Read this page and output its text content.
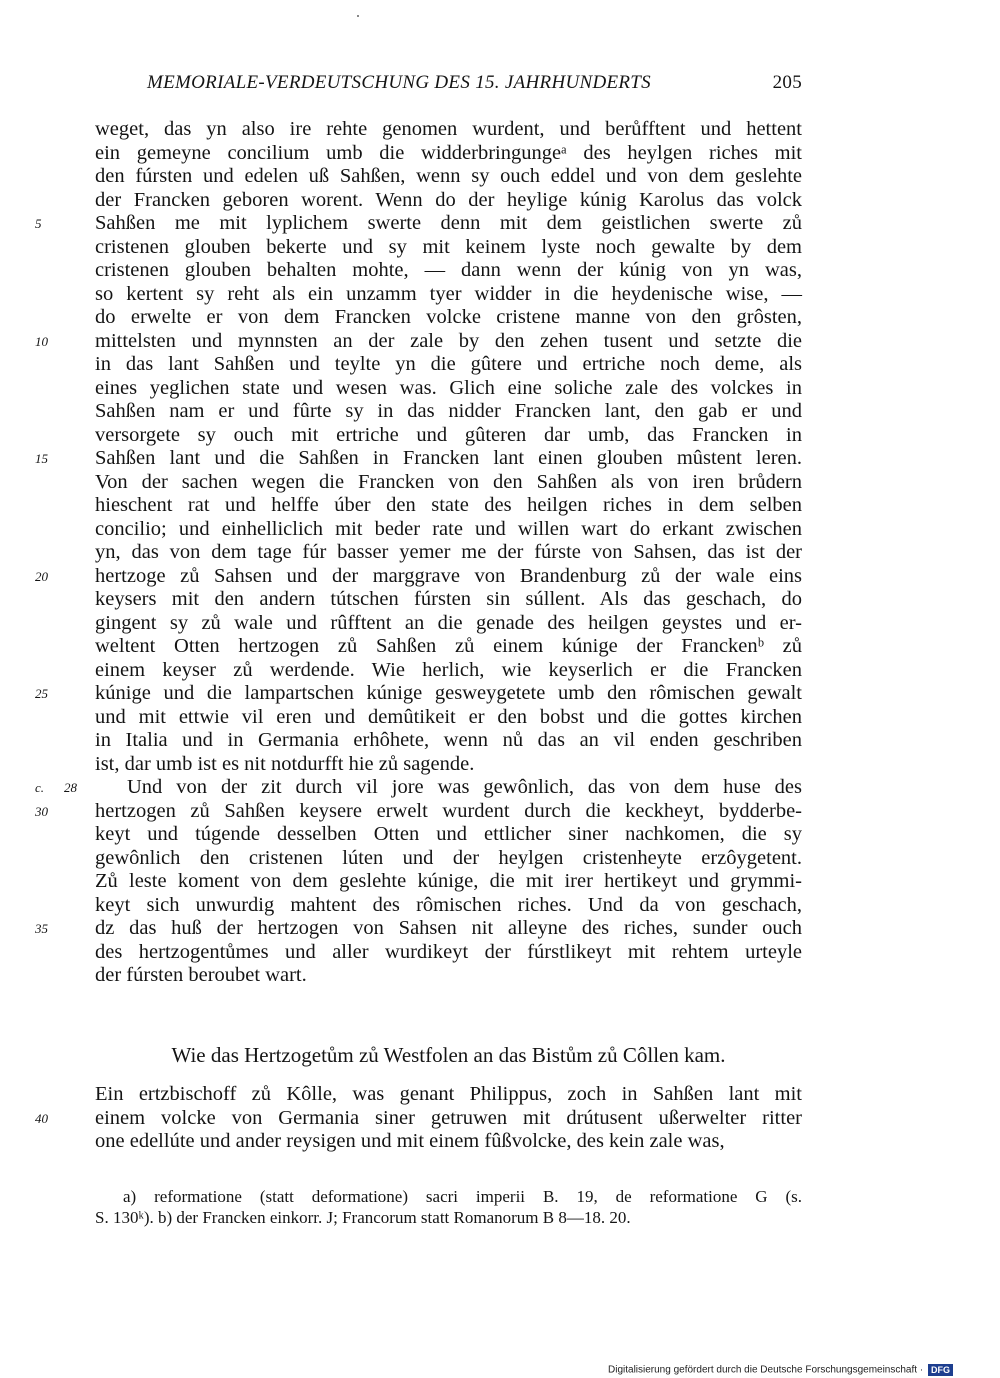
MEMORIALE-VERDEUTSCHUNG DES 15. JAHRHUNDERTS	205
weget, das yn also ire rehte genomen wurdent, und berůfftent und hettent
ein gemeyne concilium umb die widderbringungeᵃ des heylgen riches mit
den fúrsten und edelen uß Sahßen, wenn sy ouch eddel und von dem geslehte
der Francken geboren worent. Wenn do der heylige kúnig Karolus das volck
5	Sahßen me mit lyplichem swerte denn mit dem geistlichen swerte zů
cristenen glouben bekerte und sy mit keinem lyste noch gewalte by dem
cristenen glouben behalten mohte, — dann wenn der kúnig von yn was,
so kertent sy reht als ein unzamm tyer widder in die heydenische wise, —
do erwelte er von dem Francken volcke cristene manne von den grôsten,
10	mittelsten und mynnsten an der zale by den zehen tusent und setzte die
in das lant Sahßen und teylte yn die gûtere und ertriche noch deme, als
eines yeglichen state und wesen was. Glich eine soliche zale des volckes in
Sahßen nam er und fûrte sy in das nidder Francken lant, den gab er und
versorgete sy ouch mit ertriche und gûteren dar umb, das Francken in
15	Sahßen lant und die Sahßen in Francken lant einen glouben mûstent leren.
Von der sachen wegen die Francken von den Sahßen als von iren brůdern
hieschent rat und helffe úber den state des heilgen riches in dem selben
concilio; und einhelliclich mit beder rate und willen wart do erkant zwischen
yn, das von dem tage fúr basser yemer me der fúrste von Sahsen, das ist der
20	hertzoge zů Sahsen und der marggrave von Brandenburg zů der wale eins
keysers mit den andern tútschen fúrsten sin súllent. Als das geschach, do
gingent sy zů wale und rûfftent an die genade des heilgen geystes und er-
weltent Otten hertzogen zů Sahßen zů einem kúnige der Franckenᵇ zů
einem keyser zů werdende. Wie herlich, wie keyserlich er die Francken
25	kúnige und die lampartschen kúnige gesweygetete umb den rômischen gewalt
und mit ettwie vil eren und demûtikeit er den bobst und die gottes kirchen
in Italia und in Germania erhôhete, wenn nů das an vil enden geschriben
ist, dar umb ist es nit notdurfft hie zů sagende.
c. 28 Und von der zit durch vil jore was gewônlich, das von dem huse des
30	hertzogen zů Sahßen keysere erwelt wurdent durch die keckheyt, bydderbe-
keyt und túgende desselben Otten und ettlicher siner nachkomen, die sy
gewônlich den cristenen lúten und der heylgen cristenheyte erzôygetent.
Zů leste koment von dem geslehte kúnige, die mit irer hertikeyt und grymmi-
keyt sich unwurdig mahtent des rômischen riches. Und da von geschach,
35	dz das huß der hertzogen von Sahsen nit alleyne des riches, sunder ouch
des hertzogentůmes und aller wurdikeyt der fúrstlikeyt mit rehtem urteyle
der fúrsten beroubet wart.
Wie das Hertzogetům zů Westfolen an das Bistům zů Côllen kam.
Ein ertzbischoff zů Kôlle, was genant Philippus, zoch in Sahßen lant mit
40	einem volcke von Germania siner getruwen mit drútusent ußerwelter ritter
one edellúte und ander reysigen und mit einem fûßvolcke, des kein zale was,
a) reformatione (statt deformatione) sacri imperii B. 19, de reformatione G (s.
S. 130ᵏ). b) der Francken einkorr. J; Francorum statt Romanorum B 8—18. 20.
Digitalisierung gefördert durch die Deutsche Forschungsgemeinschaft · DFG
